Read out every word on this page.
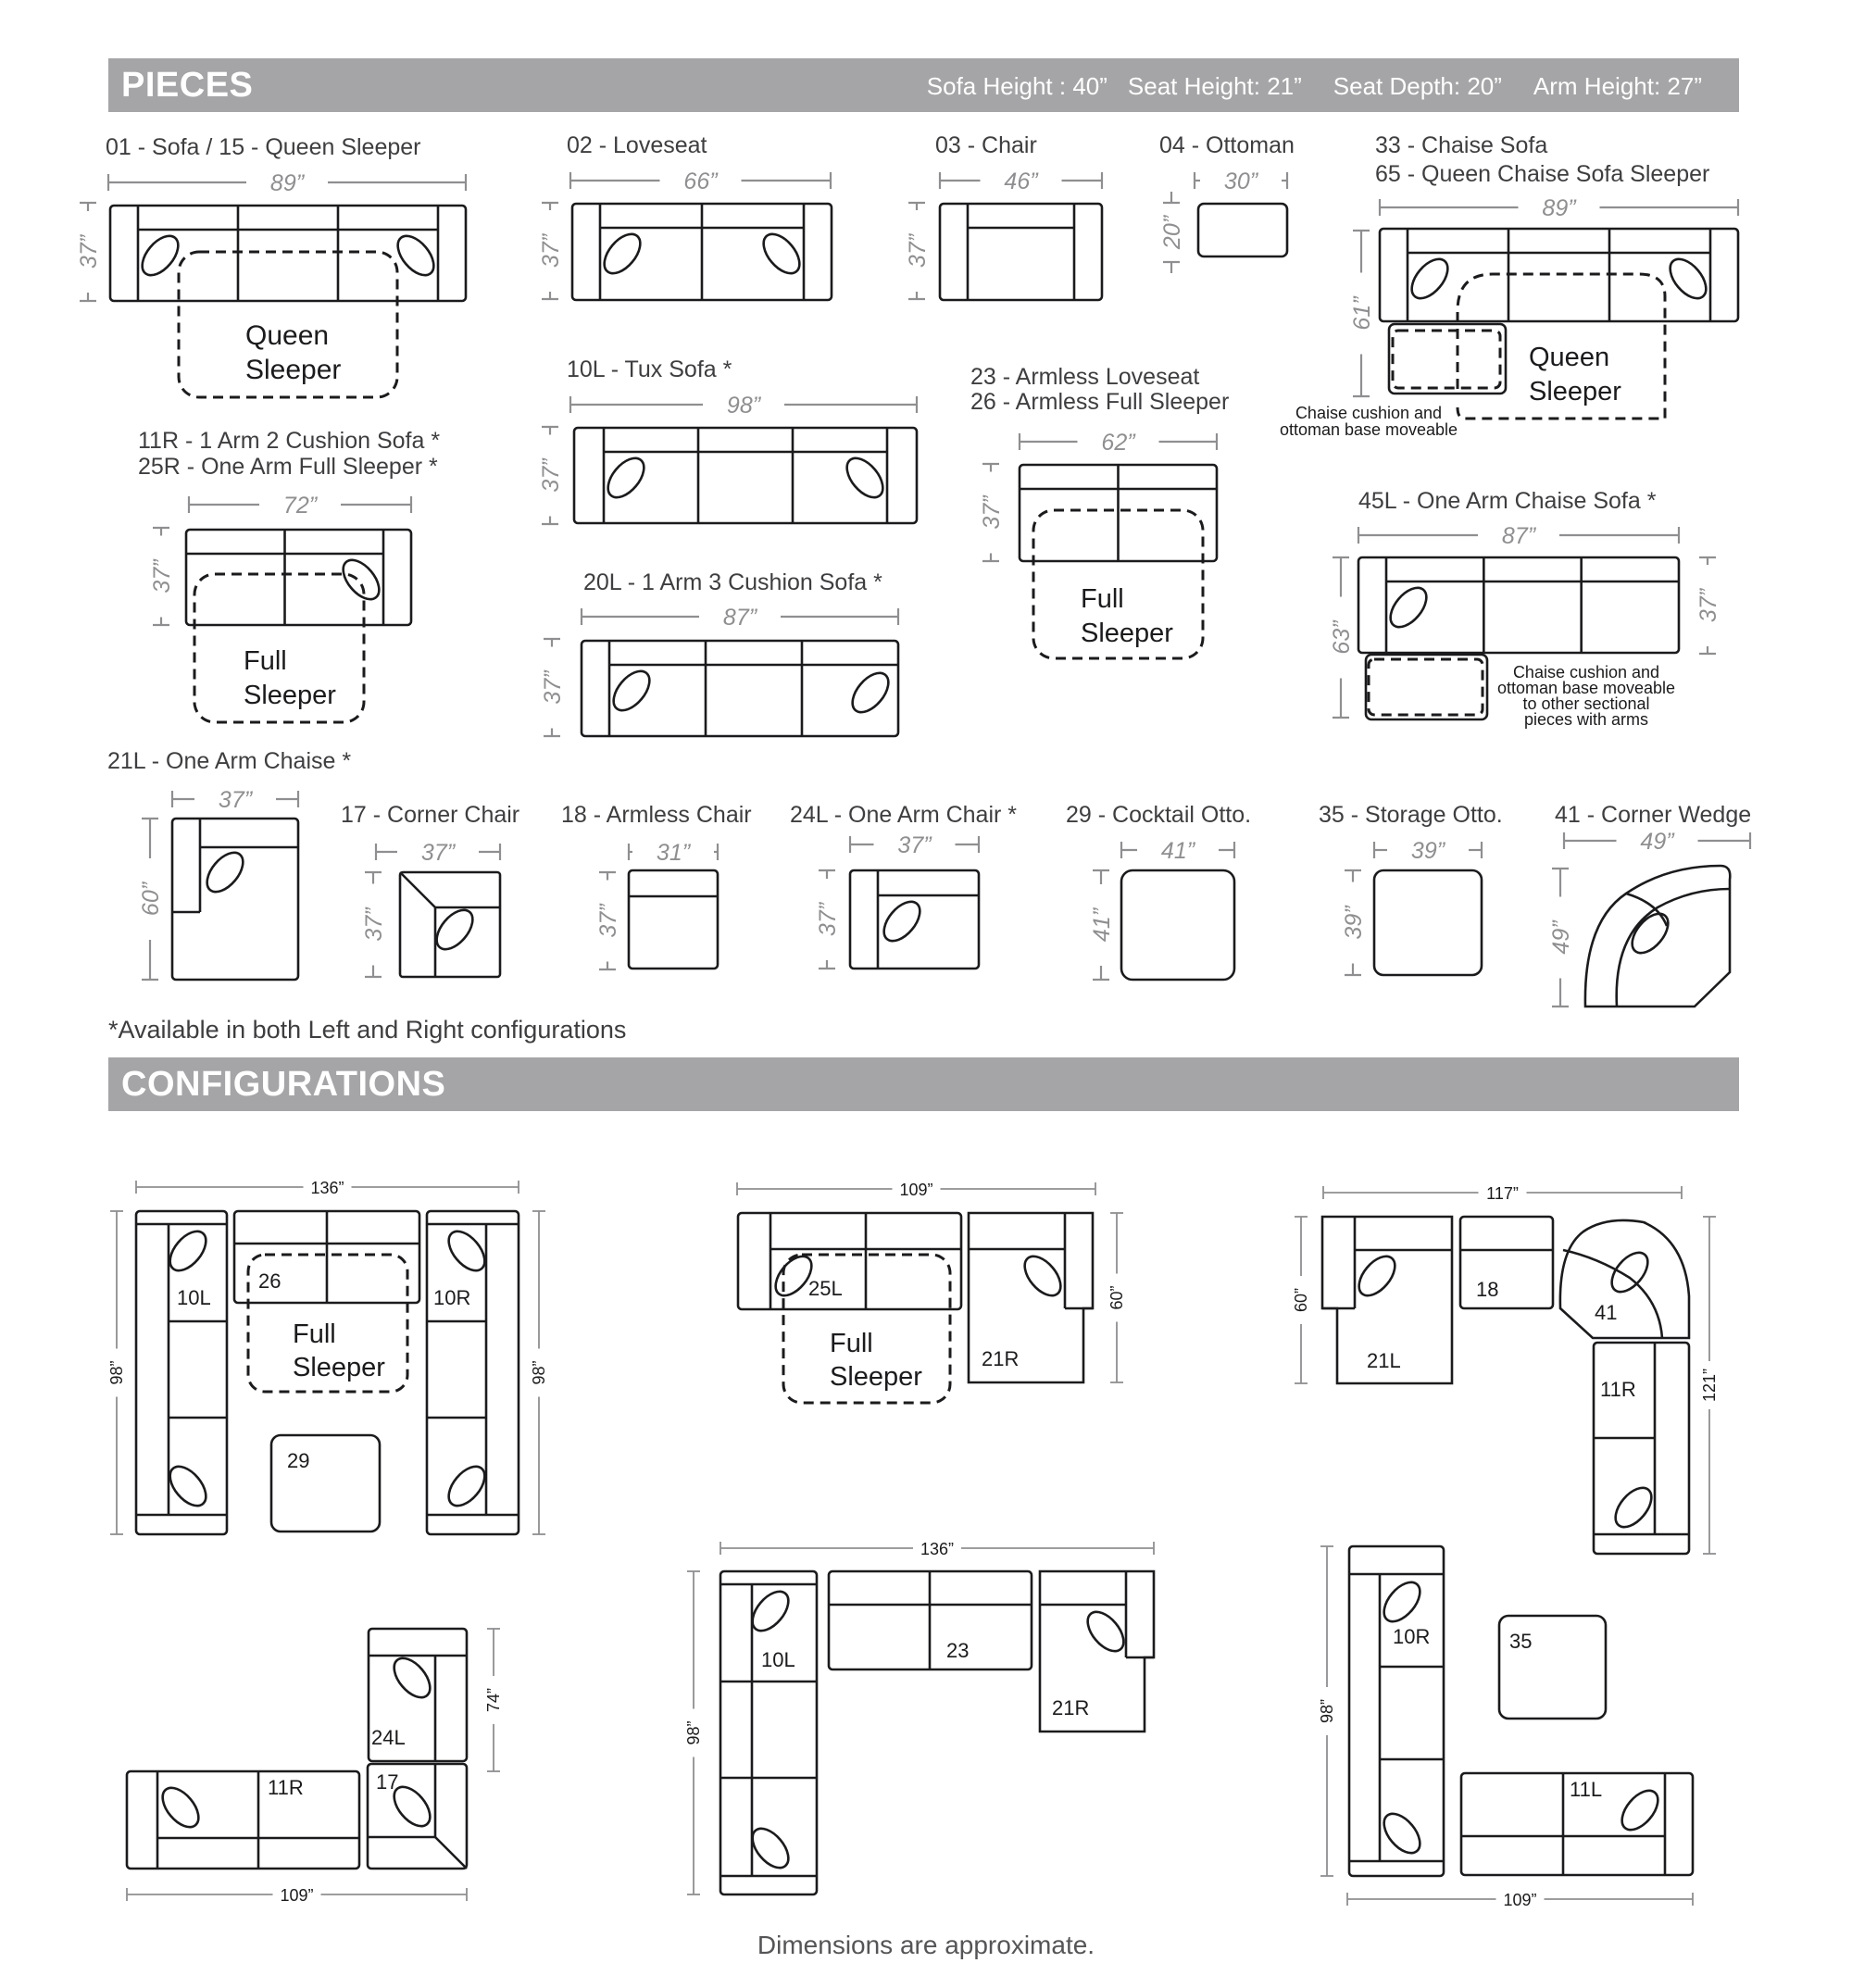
PIECES	Sofa Height : 40” Seat Height: 21” Seat Depth: 20” Arm Height: 27”
CONFIGURATIONS
01 - Sofa / 15 - Queen Sleeper	02 - Loveseat	03 - Chair	04 - Ottoman	33 - Chaise Sofa
65 - Queen Chaise Sofa Sleeper
10L - Tux Sofa *	23 - Armless Loveseat
26 - Armless Full Sleeper
11R - 1 Arm 2 Cushion Sofa *
25R - One Arm Full Sleeper *
20L - 1 Arm 3 Cushion Sofa *
45L - One Arm Chaise Sofa *
21L - One Arm Chaise *
17 - Corner Chair 18 - Armless Chair 24L - One Arm Chair * 29 - Cocktail Otto.	35 - Storage Otto. 41 - Corner Wedge
*Available in both Left and Right configurations
Dimensions are approximate.
89”
37”
Queen
Sleeper
66”
37”
46”
37”
30”
20”
89”
61”
Queen
Sleeper
Chaise cushion and
ottoman base moveable
98”
37”
62”
37”
Full
Sleeper
72”
37”
Full
Sleeper
87”
37”
87”
63”
37”
Chaise cushion and
ottoman base moveable
to other sectional
pieces with arms
37”
60”
37”
37”
31”
37”
37”
37”
41”
41”
39”
39”
49”
49”
136”
98”	98”
10L
26
Full
Sleeper
10R
29
109”
60”
25L
Full
Sleeper
21R
117”
60”
121”
21L
18
41
11R
109”
74”
24L
11R	17
136”
98”
10L	23
21R
109”
98”
10R	35
11L
